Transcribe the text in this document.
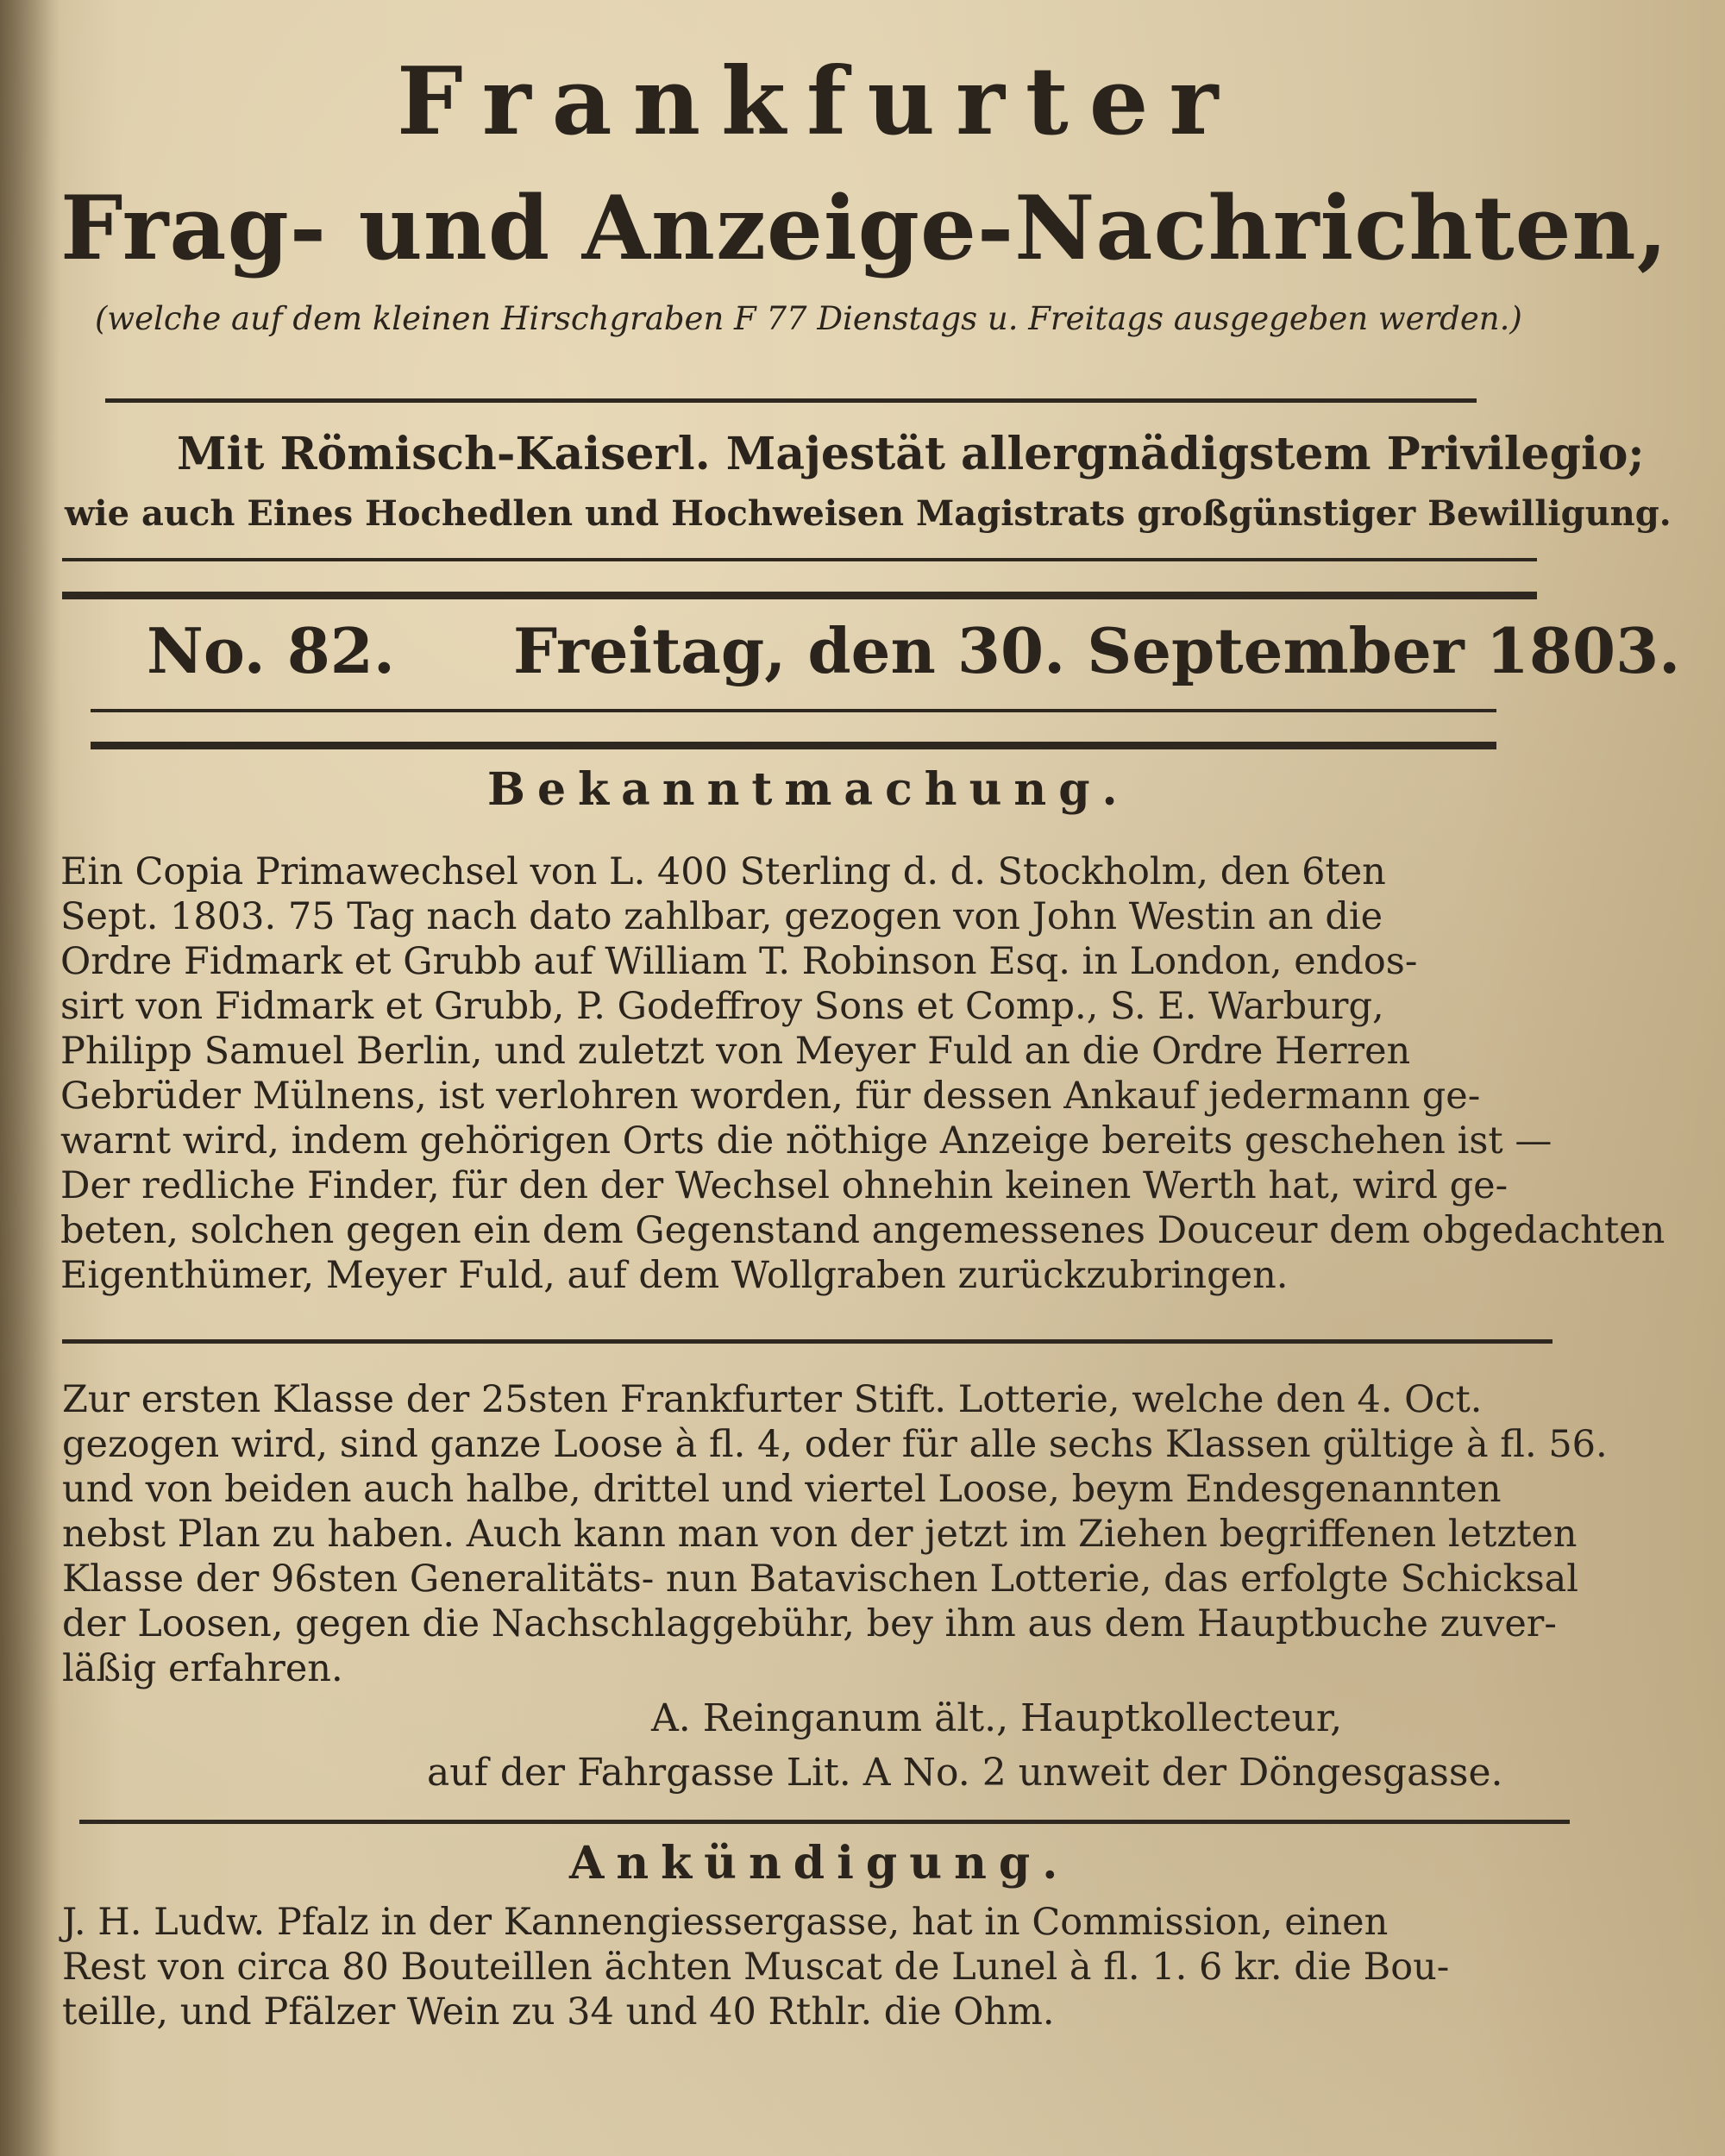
Frankfurter
Frag- und Anzeige-Nachrichten,
(welche auf dem kleinen Hirschgraben F 77 Dienstags u. Freitags ausgegeben werden.)
Mit Römisch-Kaiserl. Majestät allergnädigstem Privilegio;
wie auch Eines Hochedlen und Hochweisen Magistrats großgünstiger Bewilligung.
No. 82. Freitag, den 30. September 1803.
Bekanntmachung.
Ein Copia Primawechsel von L. 400 Sterling d. d. Stockholm, den 6ten
Sept. 1803. 75 Tag nach dato zahlbar, gezogen von John Westin an die
Ordre Fidmark et Grubb auf William T. Robinson Esq. in London, endos-
sirt von Fidmark et Grubb, P. Godeffroy Sons et Comp., S. E. Warburg,
Philipp Samuel Berlin, und zuletzt von Meyer Fuld an die Ordre Herren
Gebrüder Mülnens, ist verlohren worden, für dessen Ankauf jedermann ge-
warnt wird, indem gehörigen Orts die nöthige Anzeige bereits geschehen ist —
Der redliche Finder, für den der Wechsel ohnehin keinen Werth hat, wird ge-
beten, solchen gegen ein dem Gegenstand angemessenes Douceur dem obgedachten
Eigenthümer, Meyer Fuld, auf dem Wollgraben zurückzubringen.
Zur ersten Klasse der 25sten Frankfurter Stift. Lotterie, welche den 4. Oct.
gezogen wird, sind ganze Loose à fl. 4, oder für alle sechs Klassen gültige à fl. 56.
und von beiden auch halbe, drittel und viertel Loose, beym Endesgenannten
nebst Plan zu haben. Auch kann man von der jetzt im Ziehen begriffenen letzten
Klasse der 96sten Generalitäts- nun Batavischen Lotterie, das erfolgte Schicksal
der Loosen, gegen die Nachschlaggebühr, bey ihm aus dem Hauptbuche zuver-
läßig erfahren.
A. Reinganum ält., Hauptkollecteur,
auf der Fahrgasse Lit. A No. 2 unweit der Döngesgasse.
Ankündigung.
J. H. Ludw. Pfalz in der Kannengiessergasse, hat in Commission, einen
Rest von circa 80 Bouteillen ächten Muscat de Lunel à fl. 1. 6 kr. die Bou-
teille, und Pfälzer Wein zu 34 und 40 Rthlr. die Ohm.
